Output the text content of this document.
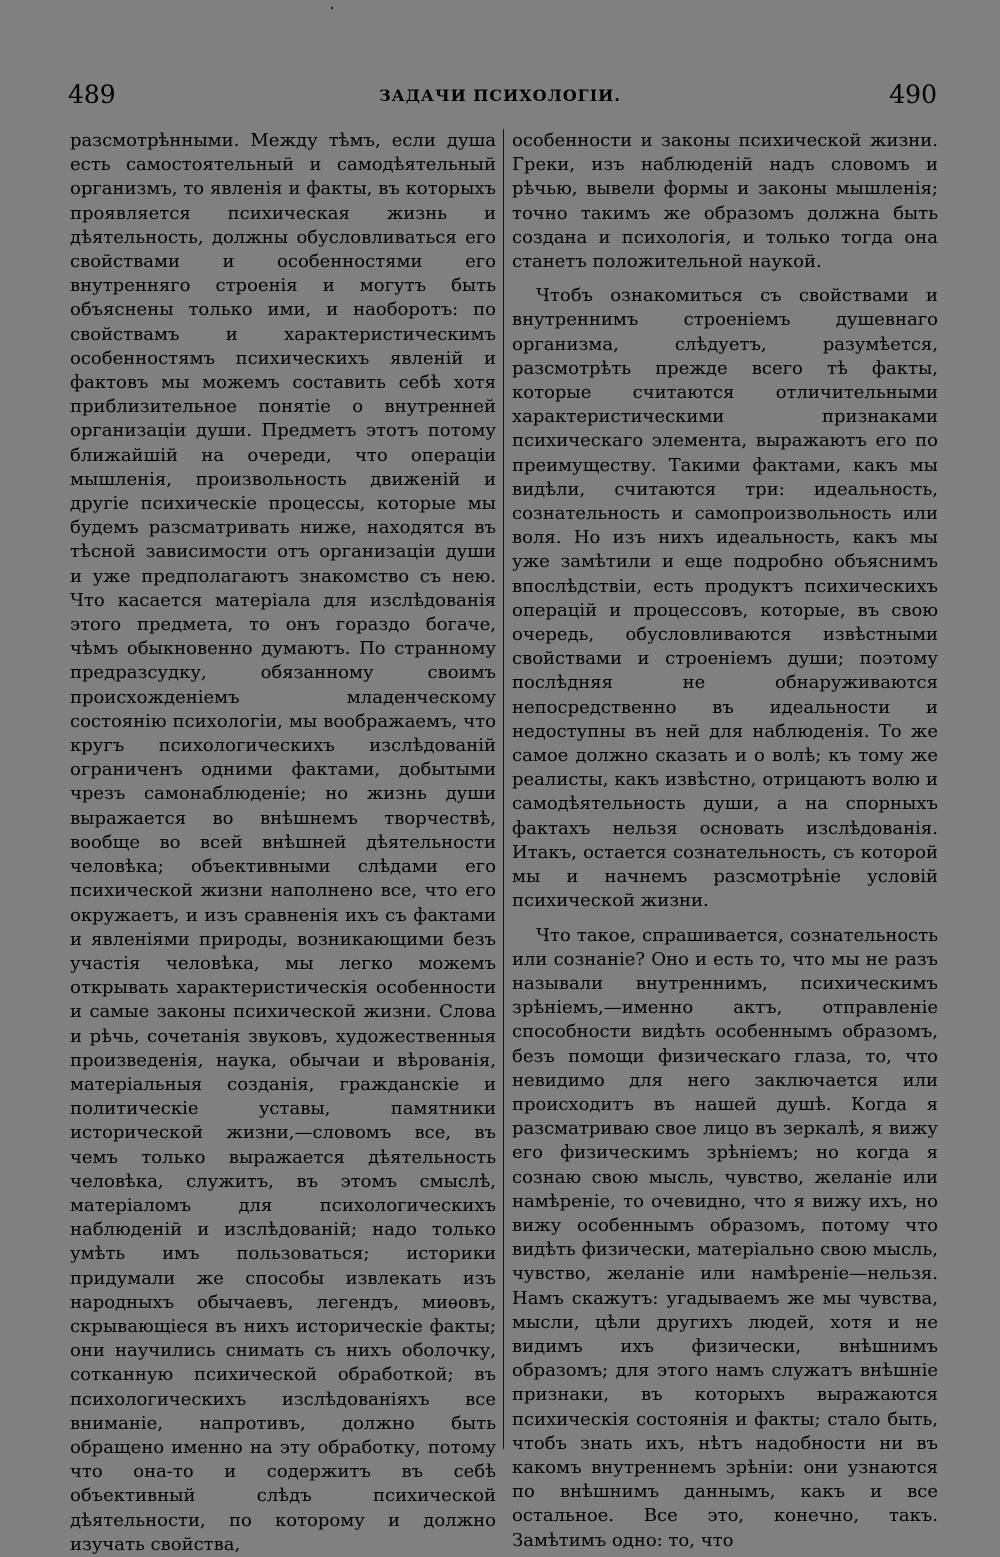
489	ЗАДАЧИ ПСИХОЛОГІИ.	490

разсмотрѣнными. Между тѣмъ, если душа есть самостоятельный и самодѣятельный организмъ, то явленія и факты, въ которыхъ проявляется психическая жизнь и дѣятельность, должны обусловливаться его свойствами и особенностями его внутренняго строенія и могутъ быть объяснены только ими, и наоборотъ: по свойствамъ и характеристическимъ особенностямъ психическихъ явленій и фактовъ мы можемъ составить себѣ хотя приблизительное понятіе о внутренней организаціи души. Предметъ этотъ потому ближайшій на очереди, что операціи мышленія, произвольность движеній и другіе психическіе процессы, которые мы будемъ разсматривать ниже, находятся въ тѣсной зависимости отъ организаціи души и уже предполагаютъ знакомство съ нею. Что касается матеріала для изслѣдованія этого предмета, то онъ гораздо богаче, чѣмъ обыкновенно думаютъ. По странному предразсудку, обязанному своимъ происхожденіемъ младенческому состоянію психологіи, мы воображаемъ, что кругъ психологическихъ изслѣдованій ограниченъ одними фактами, добытыми чрезъ самонаблюденіе; но жизнь души выражается во внѣшнемъ творчествѣ, вообще во всей внѣшней дѣятельности человѣка; объективными слѣдами его психической жизни наполнено все, что его окружаетъ, и изъ сравненія ихъ съ фактами и явленіями природы, возникающими безъ участія человѣка, мы легко можемъ открывать характеристическія особенности и самые законы психической жизни. Слова и рѣчь, сочетанія звуковъ, художественныя произведенія, наука, обычаи и вѣрованія, матеріальныя созданія, гражданскіе и политическіе уставы, памятники исторической жизни,—словомъ все, въ чемъ только выражается дѣятельность человѣка, служитъ, въ этомъ смыслѣ, матеріаломъ для психологическихъ наблюденій и изслѣдованій; надо только умѣть имъ пользоваться; историки придумали же способы извлекать изъ народныхъ обычаевъ, легендъ, миѳовъ, скрывающіеся въ нихъ историческіе факты; они научились снимать съ нихъ оболочку, сотканную психической обработкой; въ психологическихъ изслѣдованіяхъ все вниманіе, напротивъ, должно быть обращено именно на эту обработку, потому что она-то и содержитъ въ себѣ объективный слѣдъ психической дѣятельности, по которому и должно изучать свойства,

особенности и законы психической жизни. Греки, изъ наблюденій надъ словомъ и рѣчью, вывели формы и законы мышленія; точно такимъ же образомъ должна быть создана и психологія, и только тогда она станетъ положительной наукой.

Чтобъ ознакомиться съ свойствами и внутреннимъ строеніемъ душевнаго организма, слѣдуетъ, разумѣется, разсмотрѣть прежде всего тѣ факты, которые считаются отличительными характеристическими признаками психическаго элемента, выражаютъ его по преимуществу. Такими фактами, какъ мы видѣли, считаются три: идеальность, сознательность и самопроизвольность или воля. Но изъ нихъ идеальность, какъ мы уже замѣтили и еще подробно объяснимъ впослѣдствіи, есть продуктъ психическихъ операцій и процессовъ, которые, въ свою очередь, обусловливаются извѣстными свойствами и строеніемъ души; поэтому послѣдняя не обнаруживаются непосредственно въ идеальности и недоступны въ ней для наблюденія. То же самое должно сказать и о волѣ; къ тому же реалисты, какъ извѣстно, отрицаютъ волю и самодѣятельность души, а на спорныхъ фактахъ нельзя основать изслѣдованія. Итакъ, остается сознательность, съ которой мы и начнемъ разсмотрѣніе условій психической жизни.

Что такое, спрашивается, сознательность или сознаніе? Оно и есть то, что мы не разъ называли внутреннимъ, психическимъ зрѣніемъ,—именно актъ, отправленіе способности видѣть особеннымъ образомъ, безъ помощи физическаго глаза, то, что невидимо для него заключается или происходитъ въ нашей душѣ. Когда я разсматриваю свое лицо въ зеркалѣ, я вижу его физическимъ зрѣніемъ; но когда я сознаю свою мысль, чувство, желаніе или намѣреніе, то очевидно, что я вижу ихъ, но вижу особеннымъ образомъ, потому что видѣть физически, матеріально свою мысль, чувство, желаніе или намѣреніе—нельзя. Намъ скажутъ: угадываемъ же мы чувства, мысли, цѣли другихъ людей, хотя и не видимъ ихъ физически, внѣшнимъ образомъ; для этого намъ служатъ внѣшніе признаки, въ которыхъ выражаются психическія состоянія и факты; стало быть, чтобъ знать ихъ, нѣтъ надобности ни въ какомъ внутреннемъ зрѣніи: они узнаются по внѣшнимъ даннымъ, какъ и все остальное. Все это, конечно, такъ. Замѣтимъ одно: то, что
